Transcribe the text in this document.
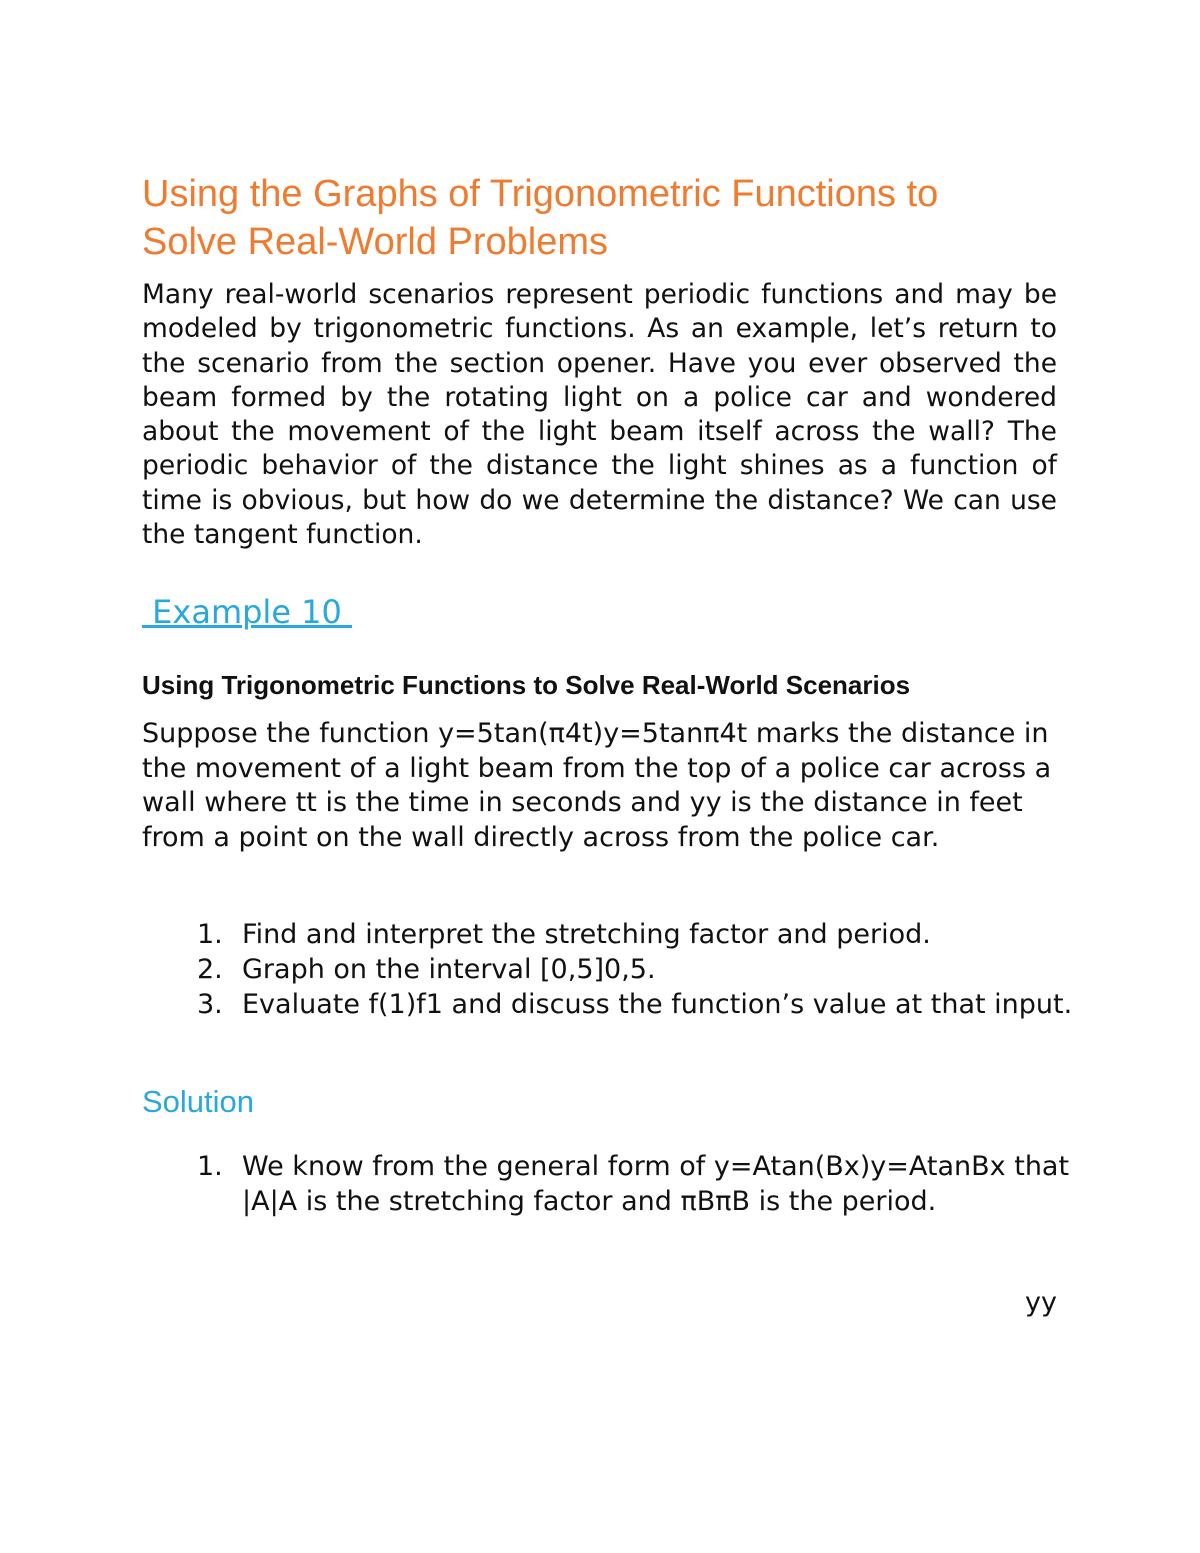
Using the Graphs of Trigonometric Functions to Solve Real-World Problems

Many real-world scenarios represent periodic functions and may be modeled by trigonometric functions. As an example, let’s return to the scenario from the section opener. Have you ever observed the beam formed by the rotating light on a police car and wondered about the movement of the light beam itself across the wall? The periodic behavior of the distance the light shines as a function of time is obvious, but how do we determine the distance? We can use the tangent function.

Example 10
Using Trigonometric Functions to Solve Real-World Scenarios

Suppose the function y=5tan(π4t)y=5tanπ4t marks the distance in the movement of a light beam from the top of a police car across a wall where tt is the time in seconds and yy is the distance in feet from a point on the wall directly across from the police car.

1. Find and interpret the stretching factor and period.
2. Graph on the interval [0,5]0,5.
3. Evaluate f(1)f1 and discuss the function’s value at that input.
Solution
1. We know from the general form of y=Atan(Bx)y=AtanBx that |A|A is the stretching factor and πBπB is the period.
yy
